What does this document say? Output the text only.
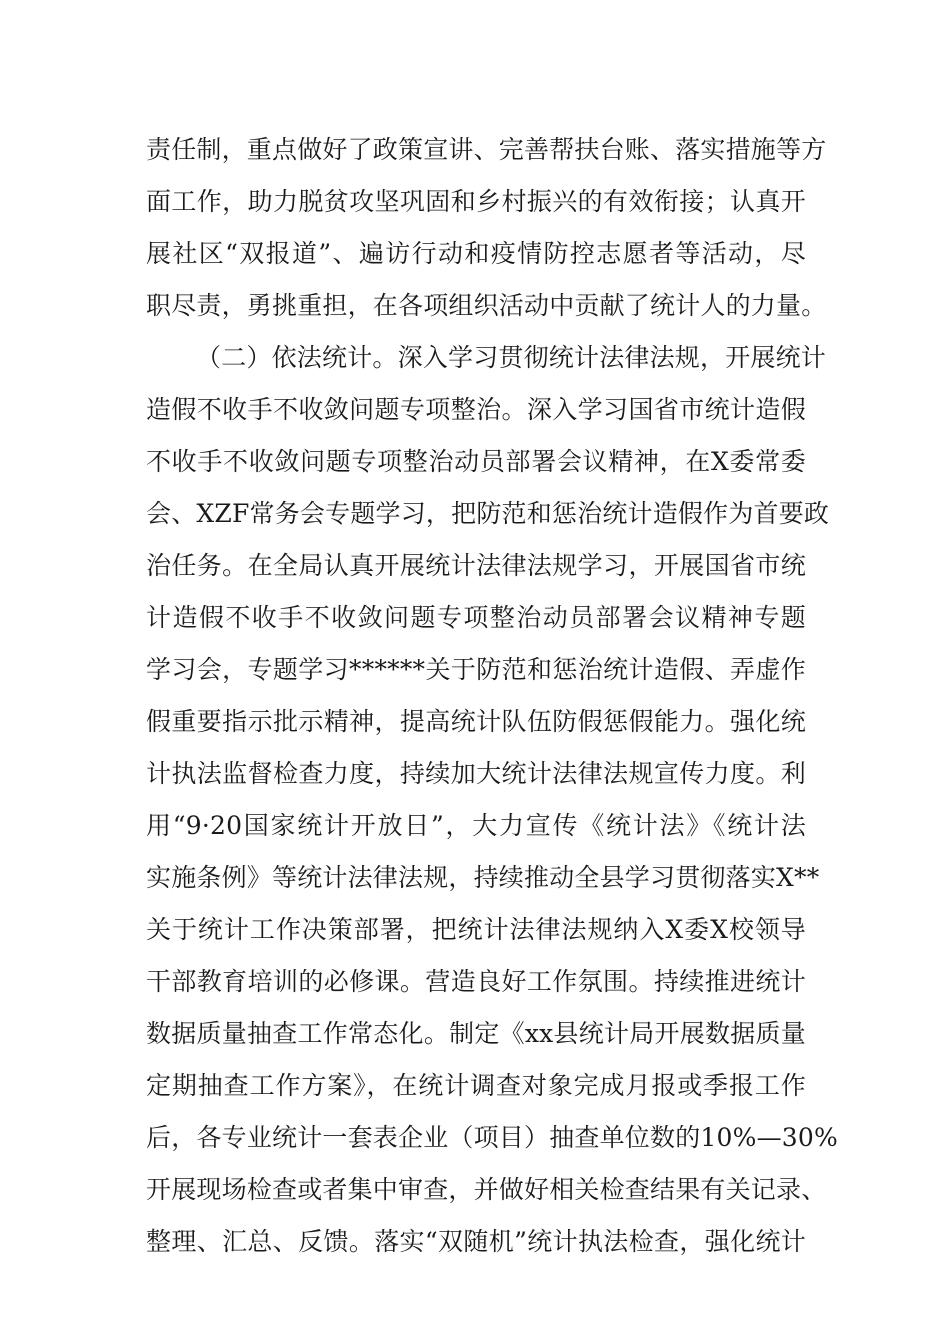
责任制，重点做好了政策宣讲、完善帮扶台账、落实措施等方
面工作，助力脱贫攻坚巩固和乡村振兴的有效衔接；认真开
展社区“双报道”、遍访行动和疫情防控志愿者等活动，尽
职尽责，勇挑重担，在各项组织活动中贡献了统计人的力量。
（二）依法统计。深入学习贯彻统计法律法规，开展统计
造假不收手不收敛问题专项整治。深入学习国省市统计造假
不收手不收敛问题专项整治动员部署会议精神，在X委常委
会、XZF常务会专题学习，把防范和惩治统计造假作为首要政
治任务。在全局认真开展统计法律法规学习，开展国省市统
计造假不收手不收敛问题专项整治动员部署会议精神专题
学习会，专题学习******关于防范和惩治统计造假、弄虚作
假重要指示批示精神，提高统计队伍防假惩假能力。强化统
计执法监督检查力度，持续加大统计法律法规宣传力度。利
用“9·20国家统计开放日”，大力宣传《统计法》《统计法
实施条例》等统计法律法规，持续推动全县学习贯彻落实X**
关于统计工作决策部署，把统计法律法规纳入X委X校领导
干部教育培训的必修课。营造良好工作氛围。持续推进统计
数据质量抽查工作常态化。制定《xx县统计局开展数据质量
定期抽查工作方案》，在统计调查对象完成月报或季报工作
后，各专业统计一套表企业（项目）抽查单位数的10%—30%
开展现场检查或者集中审查，并做好相关检查结果有关记录、
整理、汇总、反馈。落实“双随机”统计执法检查，强化统计
